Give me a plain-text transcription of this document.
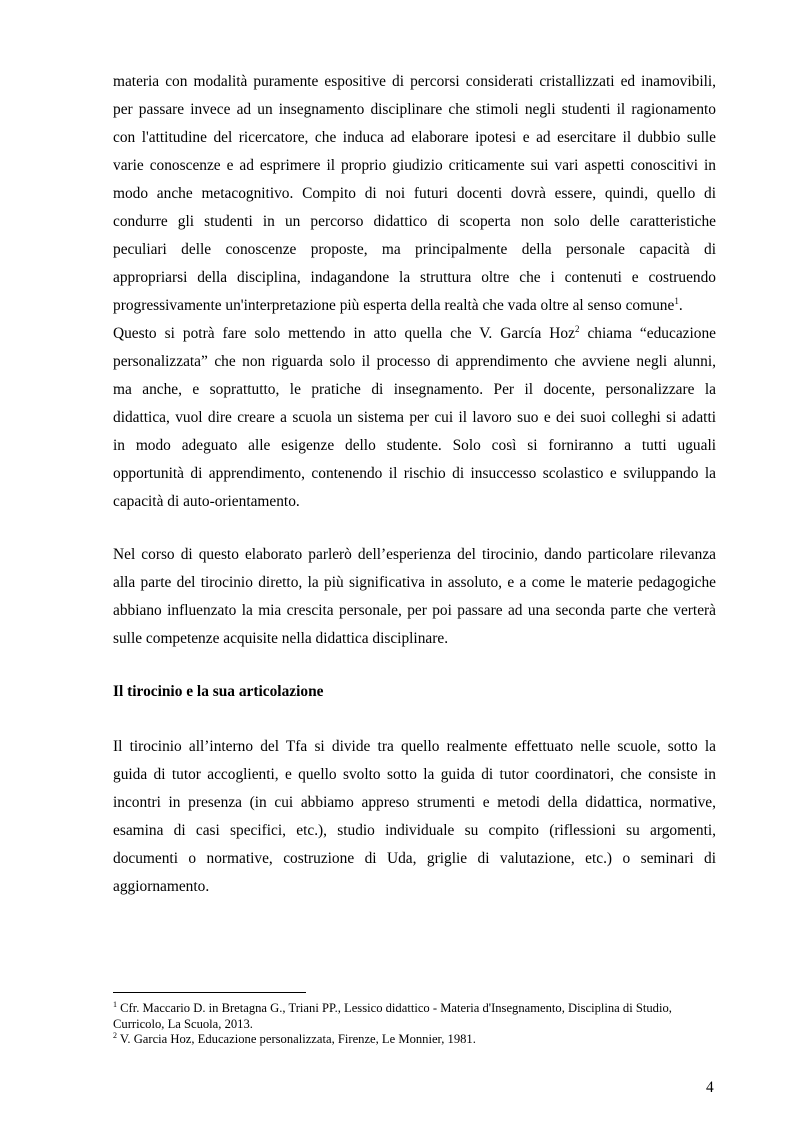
materia con modalità puramente espositive di percorsi considerati cristallizzati ed inamovibili,
per passare invece ad un insegnamento disciplinare che stimoli negli studenti il ragionamento
con l'attitudine del ricercatore, che induca ad elaborare ipotesi e ad esercitare il dubbio sulle
varie conoscenze e ad esprimere il proprio giudizio criticamente sui vari aspetti conoscitivi in
modo anche metacognitivo. Compito di noi futuri docenti dovrà essere, quindi, quello di
condurre gli studenti in un percorso didattico di scoperta non solo delle caratteristiche
peculiari delle conoscenze proposte, ma principalmente della personale capacità di
appropriarsi della disciplina, indagandone la struttura oltre che i contenuti e costruendo
progressivamente un'interpretazione più esperta della realtà che vada oltre al senso comune$^1$.
Questo si potrà fare solo mettendo in atto quella che V. García Hoz$^2$ chiama “educazione
personalizzata” che non riguarda solo il processo di apprendimento che avviene negli alunni,
ma anche, e soprattutto, le pratiche di insegnamento. Per il docente, personalizzare la
didattica, vuol dire creare a scuola un sistema per cui il lavoro suo e dei suoi colleghi si adatti
in modo adeguato alle esigenze dello studente. Solo così si forniranno a tutti uguali
opportunità di apprendimento, contenendo il rischio di insuccesso scolastico e sviluppando la
capacità di auto-orientamento.
Nel corso di questo elaborato parlerò dell’esperienza del tirocinio, dando particolare rilevanza
alla parte del tirocinio diretto, la più significativa in assoluto, e a come le materie pedagogiche
abbiano influenzato la mia crescita personale, per poi passare ad una seconda parte che verterà
sulle competenze acquisite nella didattica disciplinare.
Il tirocinio e la sua articolazione
Il tirocinio all’interno del Tfa si divide tra quello realmente effettuato nelle scuole, sotto la
guida di tutor accoglienti, e quello svolto sotto la guida di tutor coordinatori, che consiste in
incontri in presenza (in cui abbiamo appreso strumenti e metodi della didattica, normative,
esamina di casi specifici, etc.), studio individuale su compito (riflessioni su argomenti,
documenti o normative, costruzione di Uda, griglie di valutazione, etc.) o seminari di
aggiornamento.
$^1$ Cfr. Maccario D. in Bretagna G., Triani PP., Lessico didattico - Materia d'Insegnamento, Disciplina di Studio,
Curricolo, La Scuola, 2013.
$^2$ V. Garcia Hoz, Educazione personalizzata, Firenze, Le Monnier, 1981.
4
